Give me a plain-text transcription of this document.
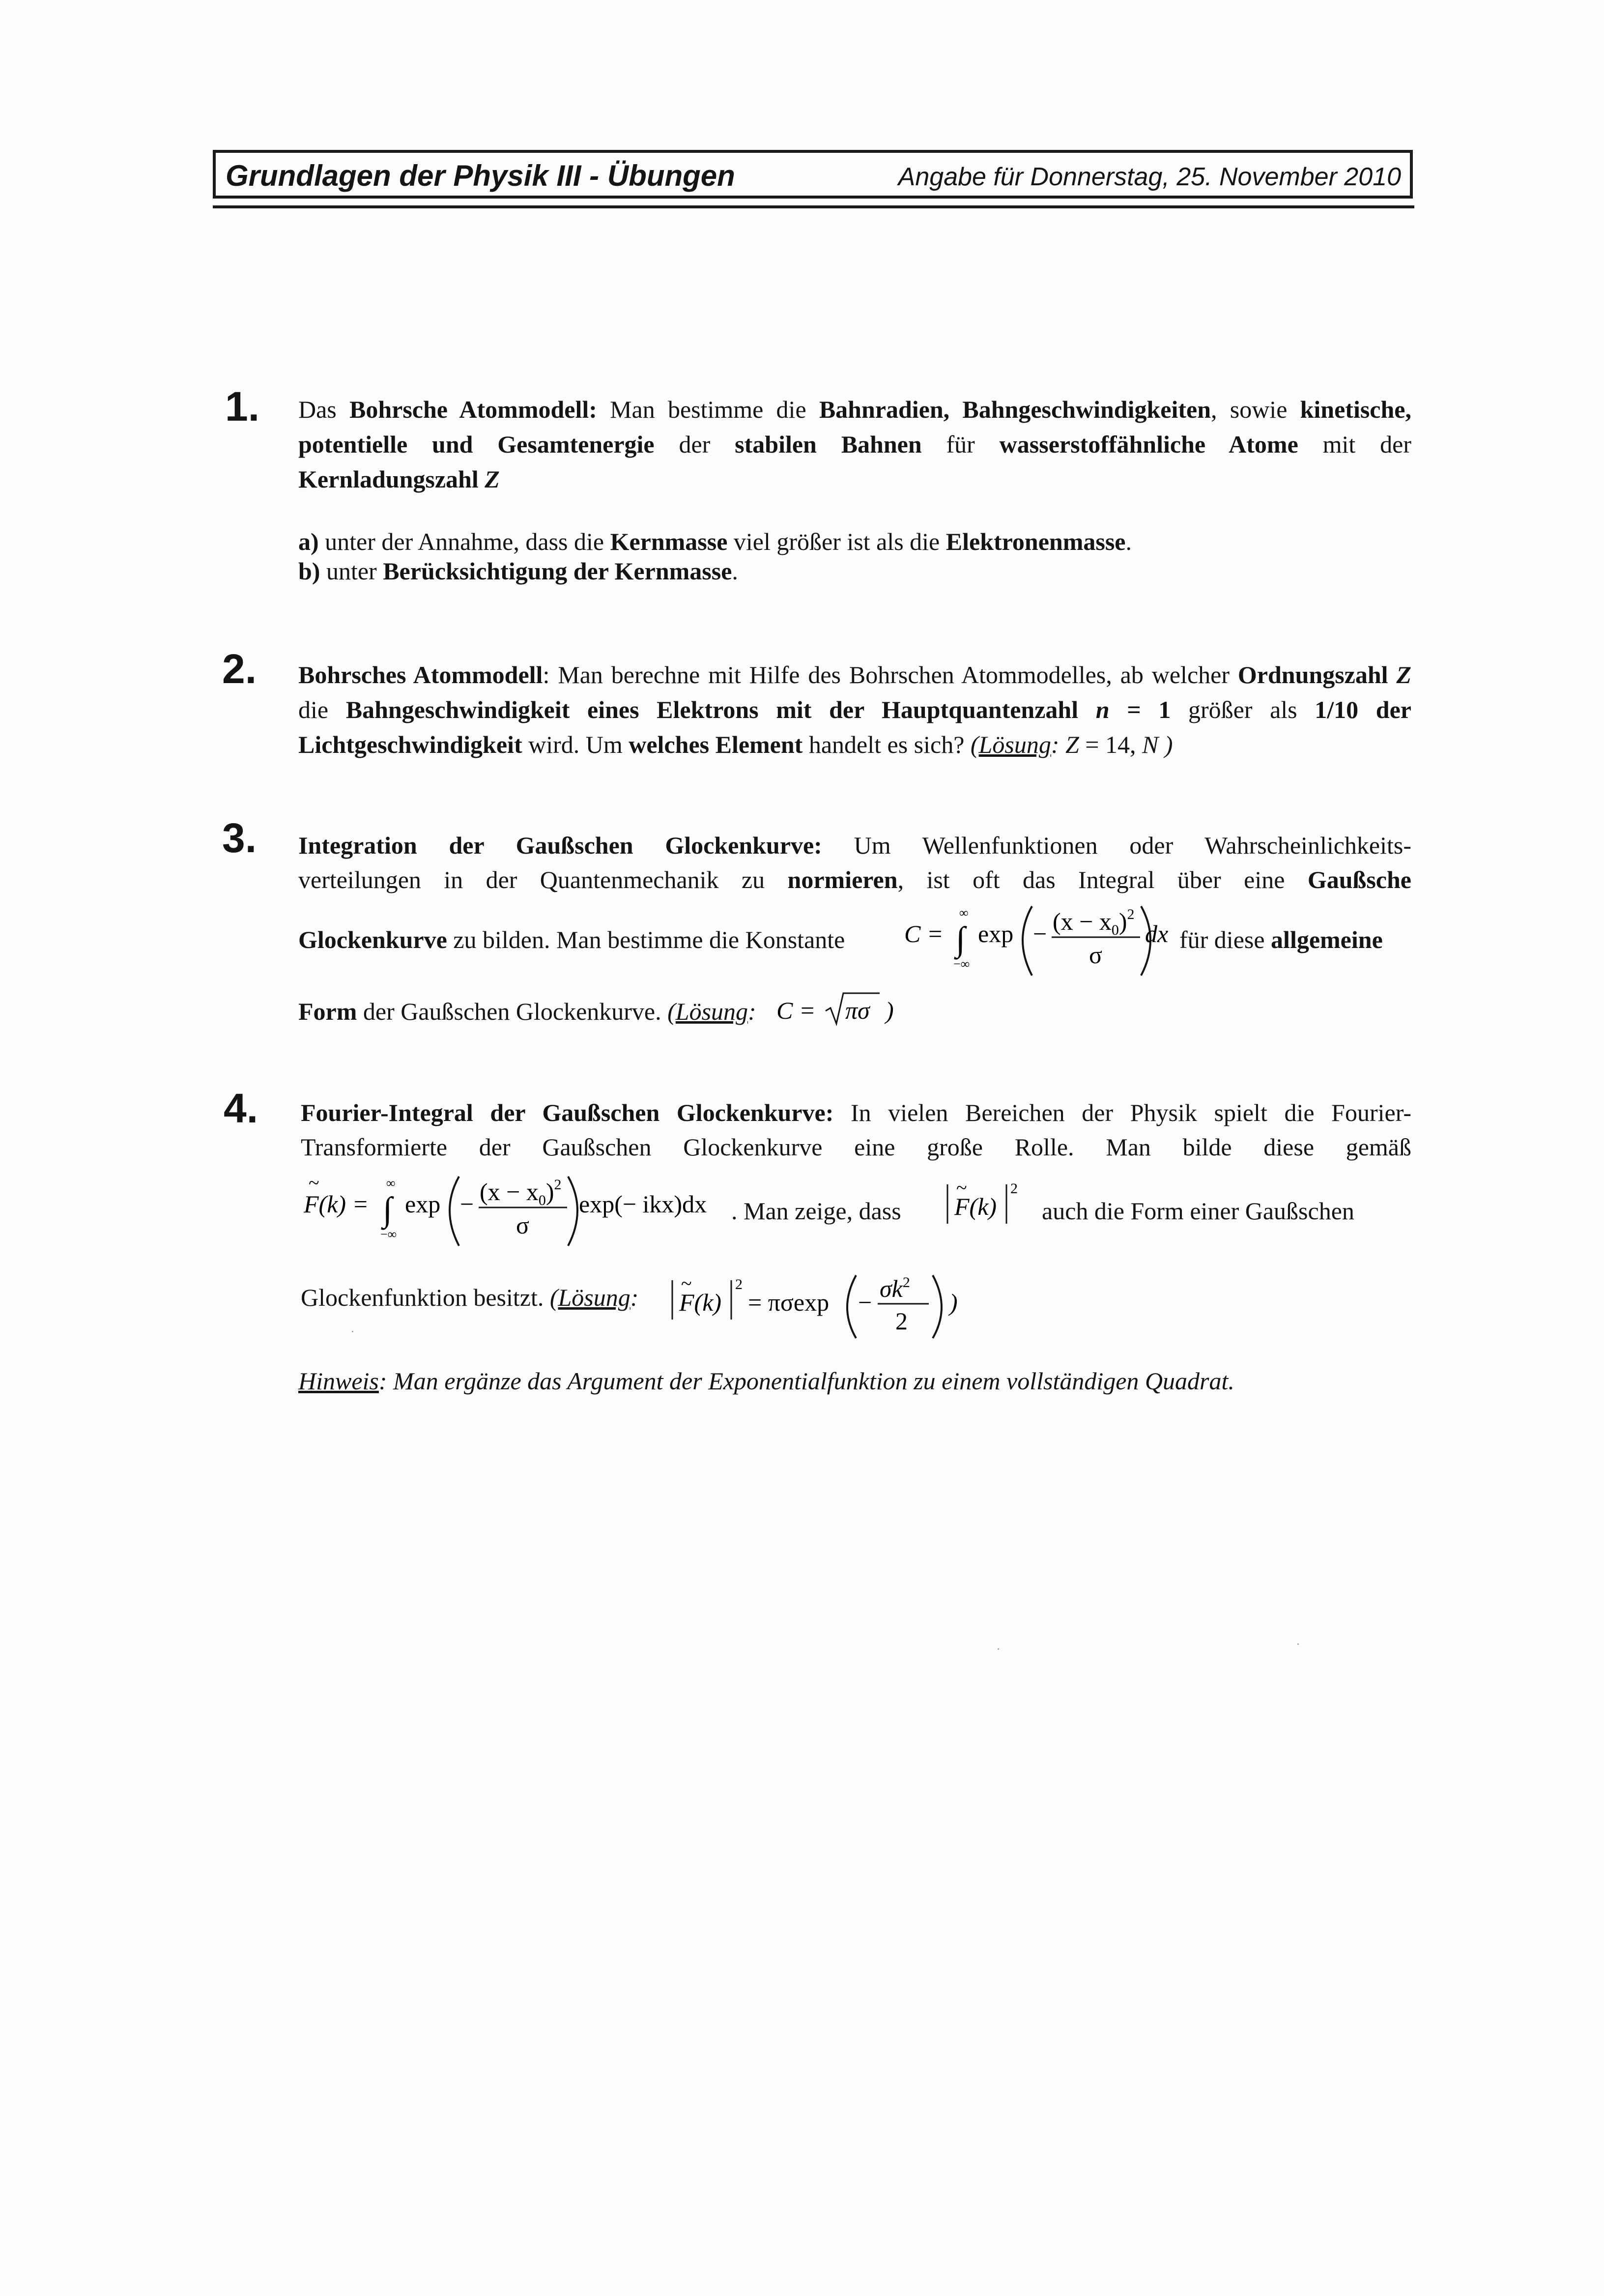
Grundlagen der Physik III - Übungen	Angabe für Donnerstag, 25. November 2010
1. Das Bohrsche Atommodell: Man bestimme die Bahnradien, Bahngeschwindigkeiten, sowie kinetische, potentielle und Gesamtenergie der stabilen Bahnen für wasserstoffähnliche Atome mit der Kernladungszahl Z
a) unter der Annahme, dass die Kernmasse viel größer ist als die Elektronenmasse.
b) unter Berücksichtigung der Kernmasse.
2. Bohrsches Atommodell: Man berechne mit Hilfe des Bohrschen Atommodelles, ab welcher Ordnungszahl Z die Bahngeschwindigkeit eines Elektrons mit der Hauptquantenzahl n = 1 größer als 1/10 der Lichtgeschwindigkeit wird. Um welches Element handelt es sich? (Lösung: Z = 14, N )
3. Integration der Gaußschen Glockenkurve: Um Wellenfunktionen oder Wahrscheinlichkeits-
verteilungen in der Quantenmechanik zu normieren, ist oft das Integral über eine Gaußsche
Glockenkurve zu bilden. Man bestimme die Konstante C =
∞
∫
−∞
$\exp - (x - x_0)^2$
σ
dx für diese allgemeine
Form der Gaußschen Glockenkurve. (Lösung: C = πσ )
4. Fourier-Integral der Gaußschen Glockenkurve: In vielen Bereichen der Physik spielt die Fourier-
Transformierte der Gaußschen Glockenkurve eine große Rolle. Man bilde diese gemäß
~
F(k) =
∞
∫
−∞
$\exp - (x - x_0)^2$
σ
exp(− ikx)dx . Man zeige, dass
~
F(k)
2
auch die Form einer Gaußschen
Glockenfunktion besitzt. (Lösung:
~
F(k)
2
= $\pi\sigma\exp - \sigma k^2$
2
)
Hinweis: Man ergänze das Argument der Exponentialfunktion zu einem vollständigen Quadrat.
